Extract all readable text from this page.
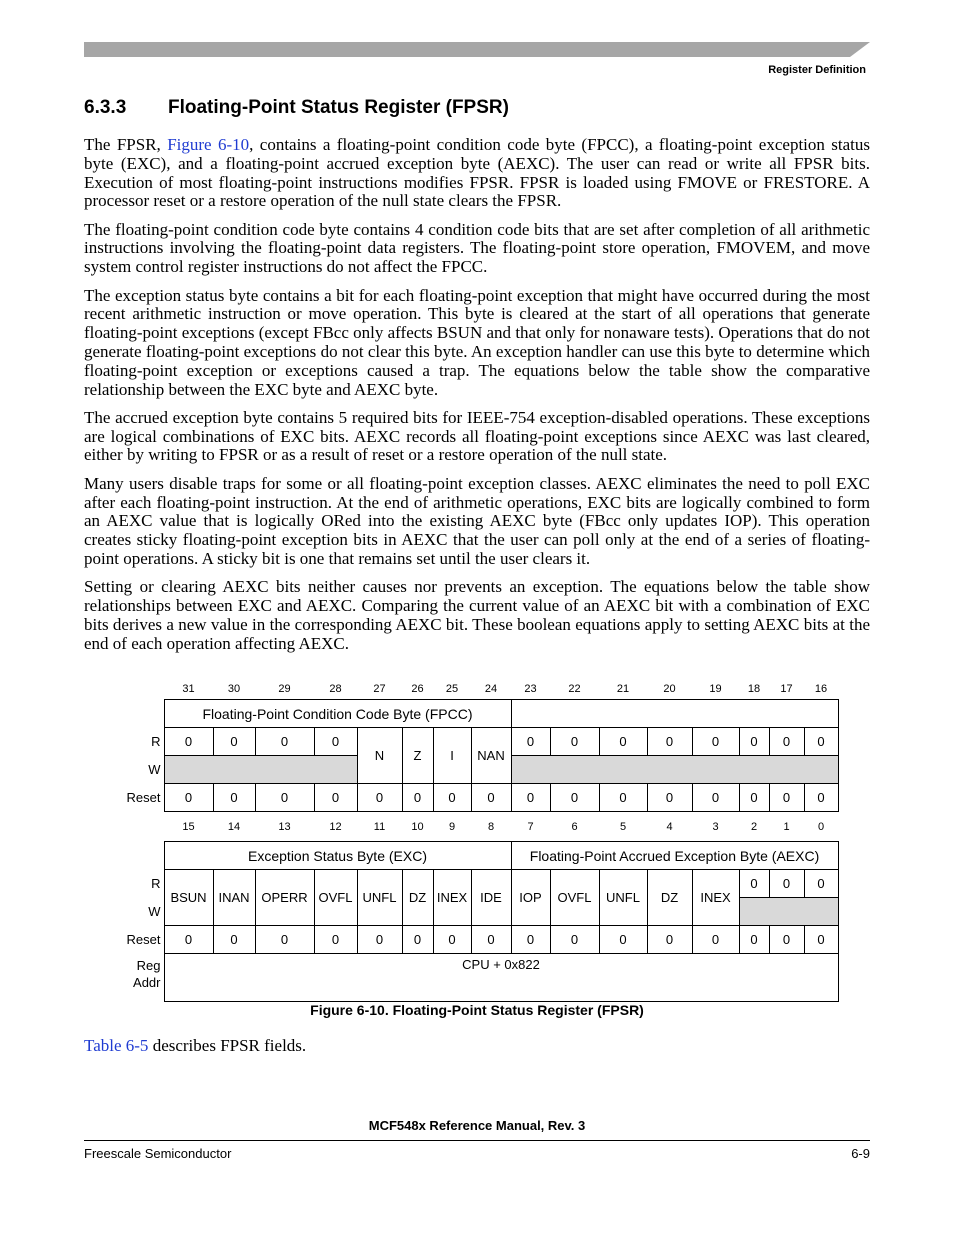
Register Definition
6.3.3 Floating-Point Status Register (FPSR)

The FPSR, Figure 6-10, contains a floating-point condition code byte (FPCC), a floating-point exception status byte (EXC), and a floating-point accrued exception byte (AEXC). The user can read or write all FPSR bits. Execution of most floating-point instructions modifies FPSR. FPSR is loaded using FMOVE or FRESTORE. A processor reset or a restore operation of the null state clears the FPSR.

The floating-point condition code byte contains 4 condition code bits that are set after completion of all arithmetic instructions involving the floating-point data registers. The floating-point store operation, FMOVEM, and move system control register instructions do not affect the FPCC.

The exception status byte contains a bit for each floating-point exception that might have occurred during the most recent arithmetic instruction or move operation. This byte is cleared at the start of all operations that generate floating-point exceptions (except FBcc only affects BSUN and that only for nonaware tests). Operations that do not generate floating-point exceptions do not clear this byte. An exception handler can use this byte to determine which floating-point exception or exceptions caused a trap. The equations below the table show the comparative relationship between the EXC byte and AEXC byte.

The accrued exception byte contains 5 required bits for IEEE-754 exception-disabled operations. These exceptions are logical combinations of EXC bits. AEXC records all floating-point exceptions since AEXC was last cleared, either by writing to FPSR or as a result of reset or a restore operation of the null state.

Many users disable traps for some or all floating-point exception classes. AEXC eliminates the need to poll EXC after each floating-point instruction. At the end of arithmetic operations, EXC bits are logically combined to form an AEXC value that is logically ORed into the existing AEXC byte (FBcc only updates IOP). This operation creates sticky floating-point exception bits in AEXC that the user can poll only at the end of a series of floating-point operations. A sticky bit is one that remains set until the user clears it.

Setting or clearing AEXC bits neither causes nor prevents an exception. The equations below the table show relationships between EXC and AEXC. Comparing the current value of an AEXC bit with a combination of EXC bits derives a new value in the corresponding AEXC bit. These boolean equations apply to setting AEXC bits at the end of each operation affecting AEXC.

	31	30	29	28	27	26	25	24	23	22	21	20	19	18	17	16
	Floating-Point Condition Code Byte (FPCC)															
R	0	0	0	0	N	Z	I	NAN	0	0	0	0	0	0	0	0
W																
Reset	0	0	0	0	0	0	0	0	0	0	0	0	0	0	0	0
	15	14	13	12	11	10	9	8	7	6	5	4	3	2	1	0
	Exception Status Byte (EXC)								Floating-Point Accrued Exception Byte (AEXC)							
R	BSUN	INAN	OPERR	OVFL	UNFL	DZ	INEX	IDE	IOP	OVFL	UNFL	DZ	INEX	0	0	0
W																
Reset	0	0	0	0	0	0	0	0	0	0	0	0	0	0	0	0
Reg
Addr	CPU + 0x822															
Figure 6-10. Floating-Point Status Register (FPSR)
Table 6-5 describes FPSR fields.
MCF548x Reference Manual, Rev. 3
Freescale Semiconductor	6-9
